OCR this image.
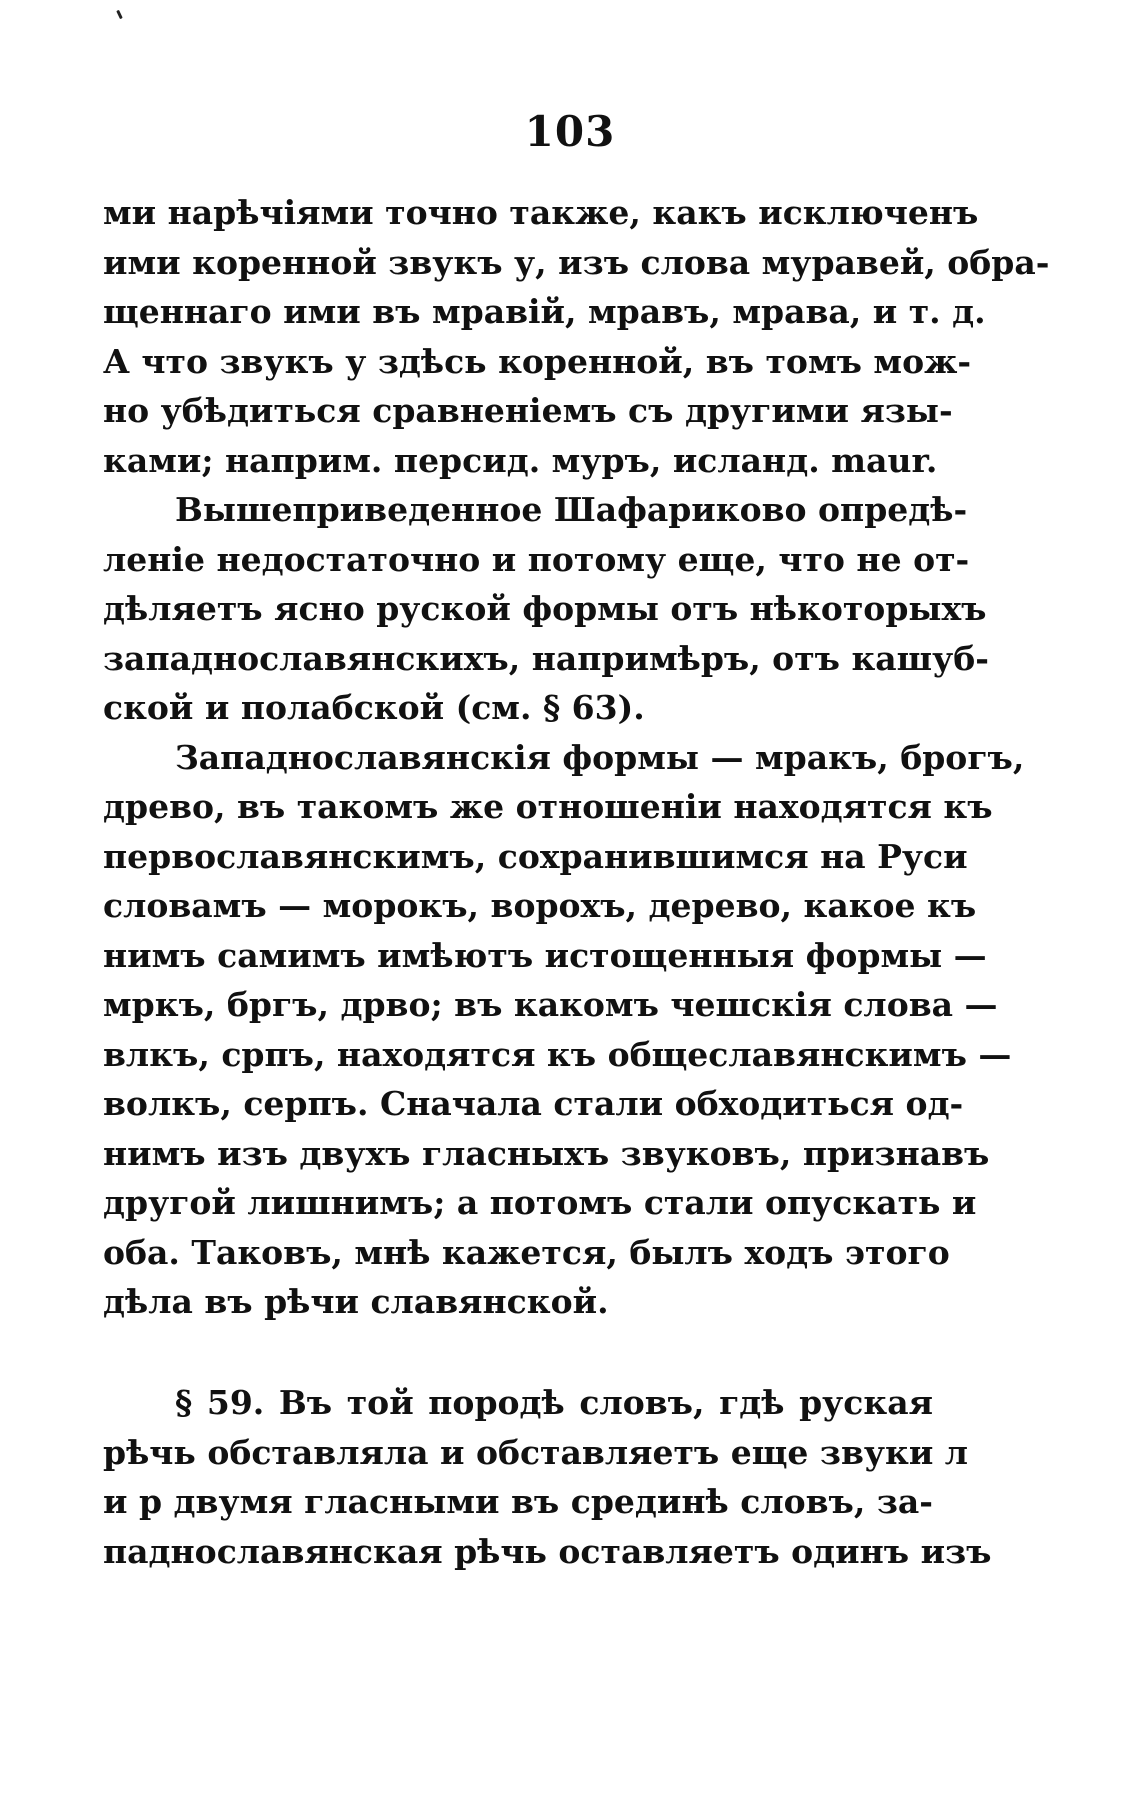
103
ми нарѣчіями точно также, какъ исключенъ
ими коренной звукъ у, изъ слова муравей, обра-
щеннаго ими въ мравій, мравъ, мрава, и т. д.
А что звукъ у здѣсь коренной, въ томъ мож-
но убѣдиться сравненіемъ съ другими язы-
ками; наприм. персид. муръ, исланд. maur.
Вышеприведенное Шафариково опредѣ-
леніе недостаточно и потому еще, что не от-
дѣляетъ ясно руской формы отъ нѣкоторыхъ
западнославянскихъ, напримѣръ, отъ кашуб-
ской и полабской (см. § 63).
Западнославянскія формы — мракъ, брогъ,
древо, въ такомъ же отношеніи находятся къ
первославянскимъ, сохранившимся на Руси
словамъ — морокъ, ворохъ, дерево, какое къ
нимъ самимъ имѣютъ истощенныя формы —
мркъ, бргъ, дрво; въ какомъ чешскія слова —
влкъ, српъ, находятся къ общеславянскимъ —
волкъ, серпъ. Сначала стали обходиться од-
нимъ изъ двухъ гласныхъ звуковъ, признавъ
другой лишнимъ; а потомъ стали опускать и
оба. Таковъ, мнѣ кажется, былъ ходъ этого
дѣла въ рѣчи славянской.
§ 59. Въ той породѣ словъ, гдѣ руская
рѣчь обставляла и обставляетъ еще звуки л
и р двумя гласными въ срединѣ словъ, за-
паднославянская рѣчь оставляетъ одинъ изъ
